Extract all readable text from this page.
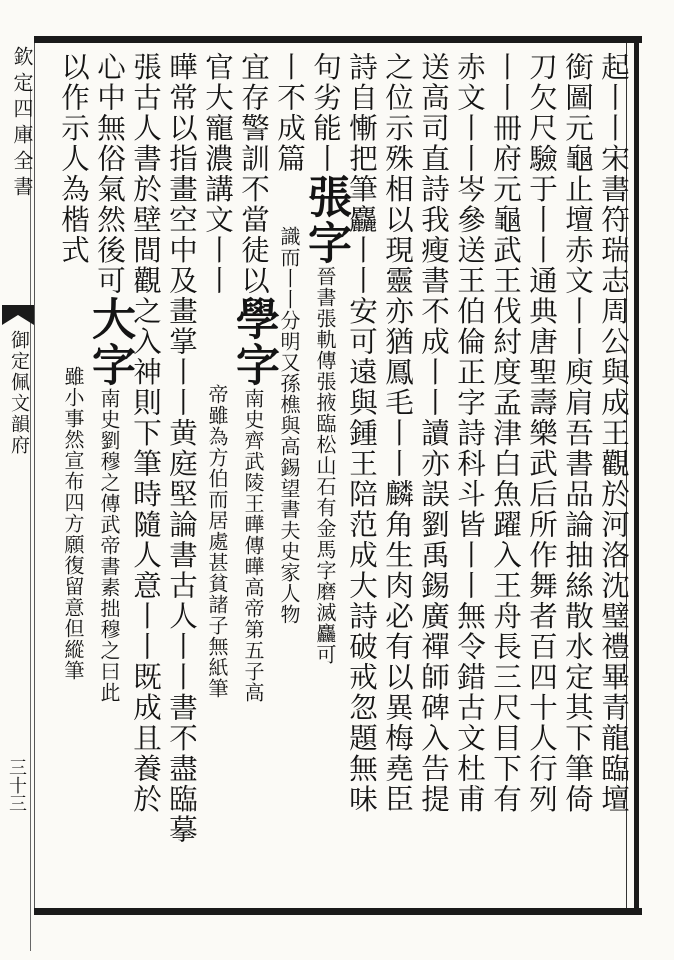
欽定四庫全書
御定佩文韻府
三十三	起丨丨宋書符瑞志周公與成王觀於河洛沈璧禮畢青龍臨壇
銜圖元龜止壇赤文丨丨庾肩吾書品論抽絲散水定其下筆倚
刀欠尺驗于丨丨通典唐聖壽樂武后所作舞者百四十人行列
丨丨冊府元龜武王伐紂度孟津白魚躍入王舟長三尺目下有
赤文丨丨岑參送王伯倫正字詩科斗皆丨丨無令錯古文杜甫
送高司直詩我瘦書不成丨丨讀亦誤劉禹錫廣禪師碑入告提
之位示殊相以現靈亦猶鳳毛丨丨麟角生肉必有以異梅堯臣
詩自慚把筆麤丨丨安可遠與鍾王陪范成大詩破戒忽題無味
句劣能丨張字晉書張軌傳張掖臨松山石有金馬字磨滅麤可
丨不成篇識而丨丨分明又孫樵與高錫望書夫史家人物
宜存警訓不當徒以學字南史齊武陵王曄傳曄高帝第五子高
官大寵濃講文丨丨帝雖為方伯而居處甚貧諸子無紙筆
曄常以指畫空中及畫掌丨丨黄庭堅論書古人丨丨書不盡臨摹
張古人書於壁間觀之入神則下筆時隨人意丨丨既成且養於
心中無俗氣然後可大字南史劉穆之傳武帝書素拙穆之曰此
以作示人為楷式雖小事然宣布四方願復留意但縱筆
